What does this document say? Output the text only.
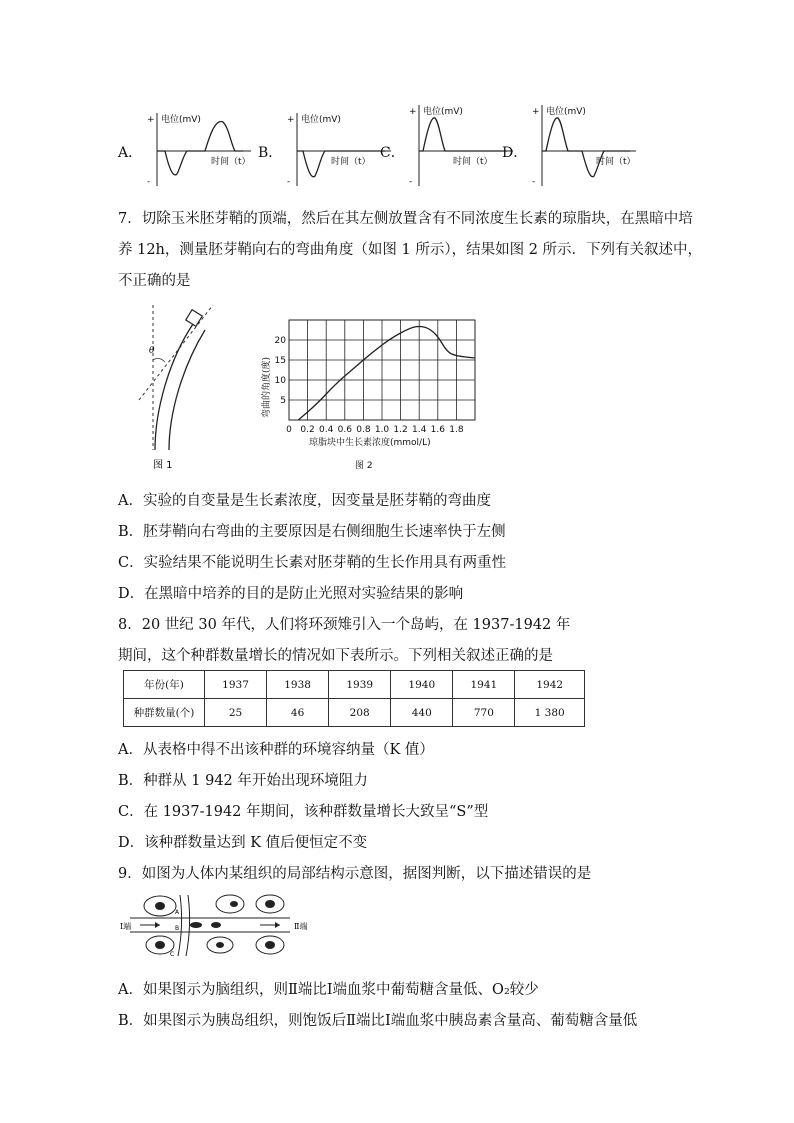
A．
+
-
电位(mV)
时间（t）
B．
+
-
电位(mV)
时间（t）
C．
+
-
电位(mV)
时间（t）
D．
+
-
电位(mV)
时间（t）
7．切除玉米胚芽鞘的顶端，然后在其左侧放置含有不同浓度生长素的琼脂块，在黑暗中培
养 12h，测量胚芽鞘向右的弯曲角度（如图 1 所示），结果如图 2 所示．下列有关叙述中，
不正确的是
θ
图 1
5
10
15
20
0 0.2 0.4 0.6 0.8 1.0 1.2 1.4 1.6 1.8
弯曲的角度(度)
琼脂块中生长素浓度(mmol/L)
图 2
A．实验的自变量是生长素浓度，因变量是胚芽鞘的弯曲度
B．胚芽鞘向右弯曲的主要原因是右侧细胞生长速率快于左侧
C．实验结果不能说明生长素对胚芽鞘的生长作用具有两重性
D．在黑暗中培养的目的是防止光照对实验结果的影响
8．20 世纪 30 年代，人们将环颈雉引入一个岛屿，在 1937-1942 年
期间，这个种群数量增长的情况如下表所示。下列相关叙述正确的是
年份(年)	1937	1938	1939	1940	1941	1942
种群数量(个)	25	46	208	440	770	1 380
A．从表格中得不出该种群的环境容纳量（K 值）
B．种群从 1 942 年开始出现环境阻力
C．在 1937-1942 年期间，该种群数量增长大致呈“S”型
D．该种群数量达到 K 值后便恒定不变
9．如图为人体内某组织的局部结构示意图，据图判断，以下描述错误的是
Ⅰ端	Ⅱ端
A
B
C
A．如果图示为脑组织，则Ⅱ端比Ⅰ端血浆中葡萄糖含量低、O₂较少
B．如果图示为胰岛组织，则饱饭后Ⅱ端比Ⅰ端血浆中胰岛素含量高、葡萄糖含量低
